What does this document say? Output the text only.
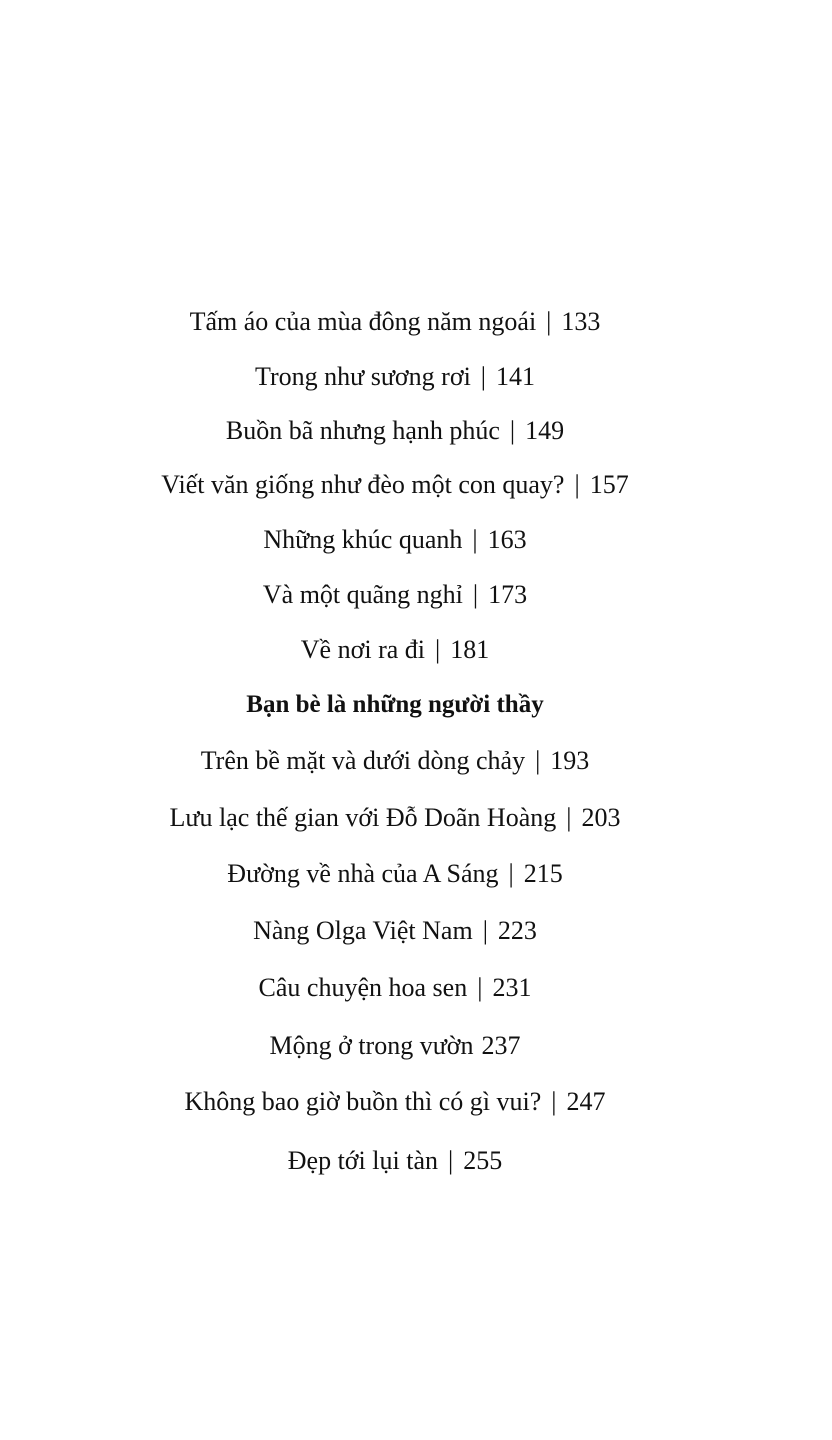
Tấm áo của mùa đông năm ngoái | 133
Trong như sương rơi | 141
Buồn bã nhưng hạnh phúc | 149
Viết văn giống như đèo một con quay? | 157
Những khúc quanh | 163
Và một quãng nghỉ | 173
Về nơi ra đi | 181
Bạn bè là những người thầy
Trên bề mặt và dưới dòng chảy | 193
Lưu lạc thế gian với Đỗ Doãn Hoàng | 203
Đường về nhà của A Sáng | 215
Nàng Olga Việt Nam | 223
Câu chuyện hoa sen | 231
Mộng ở trong vườn 237
Không bao giờ buồn thì có gì vui? | 247
Đẹp tới lụi tàn | 255
